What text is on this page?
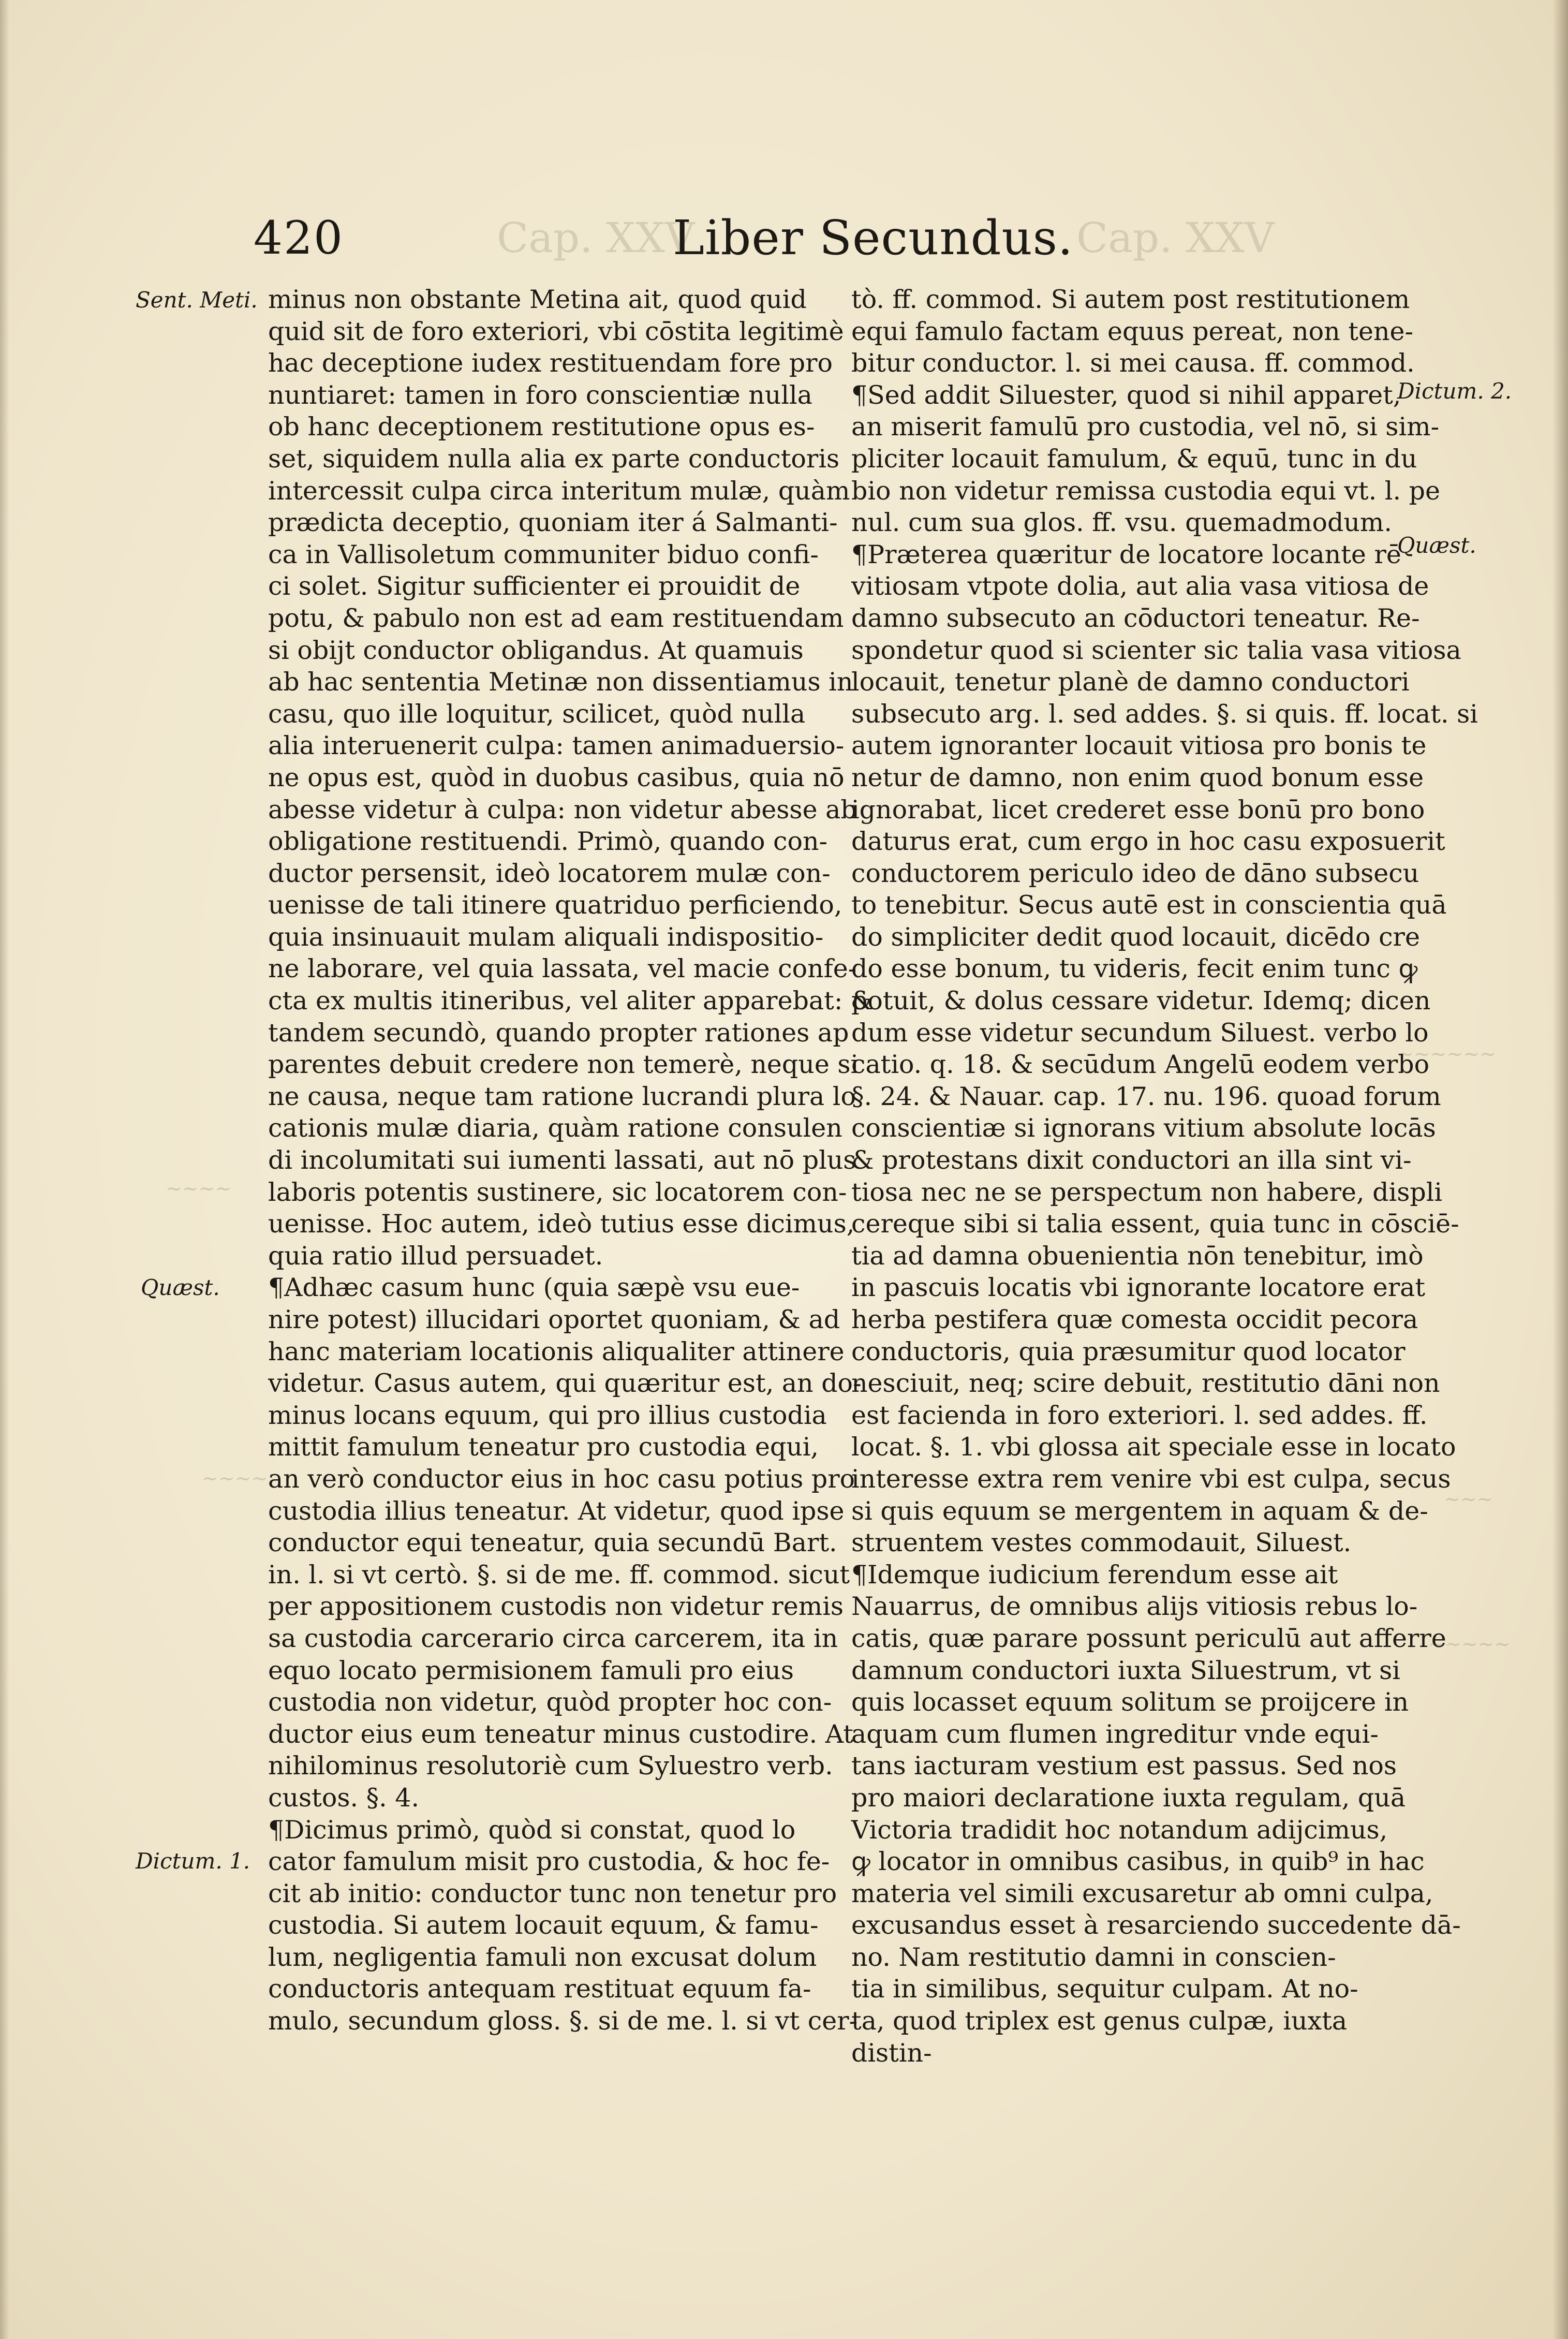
420	Cap. XXV
Liber Secundus. Cap. XXV
Sent. Meti.
Quæst.
Dictum. 1.
Dictum. 2.
Quæst.
~~~~~~
~~~
~~~~~
~~~~
~~~~
minus non obstante Metina ait, quod quid
quid sit de foro exteriori, vbi cōstita legitimè
hac deceptione iudex restituendam fore pro
nuntiaret: tamen in foro conscientiæ nulla
ob hanc deceptionem restitutione opus es-
set, siquidem nulla alia ex parte conductoris
intercessit culpa circa interitum mulæ, quàm
prædicta deceptio, quoniam iter á Salmanti-
ca in Vallisoletum communiter biduo confi-
ci solet. Sigitur sufficienter ei prouidit de
potu, & pabulo non est ad eam restituendam
si obijt conductor obligandus. At quamuis
ab hac sententia Metinæ non dissentiamus in
casu, quo ille loquitur, scilicet, quòd nulla
alia interuenerit culpa: tamen animaduersio-
ne opus est, quòd in duobus casibus, quia nō
abesse videtur à culpa: non videtur abesse ab
obligatione restituendi. Primò, quando con-
ductor persensit, ideò locatorem mulæ con-
uenisse de tali itinere quatriduo perficiendo,
quia insinuauit mulam aliquali indispositio-
ne laborare, vel quia lassata, vel macie confe-
cta ex multis itineribus, vel aliter apparebat: &
tandem secundò, quando propter rationes ap
parentes debuit credere non temerè, neque si
ne causa, neque tam ratione lucrandi plura lo
cationis mulæ diaria, quàm ratione consulen
di incolumitati sui iumenti lassati, aut nō plus
laboris potentis sustinere, sic locatorem con-
uenisse. Hoc autem, ideò tutius esse dicimus,
quia ratio illud persuadet.
¶Adhæc casum hunc (quia sæpè vsu eue-
nire potest) illucidari oportet quoniam, & ad
hanc materiam locationis aliqualiter attinere
videtur. Casus autem, qui quæritur est, an do-
minus locans equum, qui pro illius custodia
mittit famulum teneatur pro custodia equi,
an verò conductor eius in hoc casu potius pro
custodia illius teneatur. At videtur, quod ipse
conductor equi teneatur, quia secundū Bart.
in. l. si vt certò. §. si de me. ff. commod. sicut
per appositionem custodis non videtur remis
sa custodia carcerario circa carcerem, ita in
equo locato permisionem famuli pro eius
custodia non videtur, quòd propter hoc con-
ductor eius eum teneatur minus custodire. At
nihilominus resolutoriè cum Syluestro verb.
custos. §. 4.
¶Dicimus primò, quòd si constat, quod lo
cator famulum misit pro custodia, & hoc fe-
cit ab initio: conductor tunc non tenetur pro
custodia. Si autem locauit equum, & famu-
lum, negligentia famuli non excusat dolum
conductoris antequam restituat equum fa-
mulo, secundum gloss. §. si de me. l. si vt cer-
tò. ff. commod. Si autem post restitutionem
equi famulo factam equus pereat, non tene-
bitur conductor. l. si mei causa. ff. commod.
¶Sed addit Siluester, quod si nihil apparet,
an miserit famulū pro custodia, vel nō, si sim-
pliciter locauit famulum, & equū, tunc in du
bio non videtur remissa custodia equi vt. l. pe
nul. cum sua glos. ff. vsu. quemadmodum.
¶Præterea quæritur de locatore locante rē
vitiosam vtpote dolia, aut alia vasa vitiosa de
damno subsecuto an cōductori teneatur. Re-
spondetur quod si scienter sic talia vasa vitiosa
locauit, tenetur planè de damno conductori
subsecuto arg. l. sed addes. §. si quis. ff. locat. si
autem ignoranter locauit vitiosa pro bonis te
netur de damno, non enim quod bonum esse
ignorabat, licet crederet esse bonū pro bono
daturus erat, cum ergo in hoc casu exposuerit
conductorem periculo ideo de dāno subsecu
to tenebitur. Secus autē est in conscientia quā
do simpliciter dedit quod locauit, dicēdo cre
do esse bonum, tu videris, fecit enim tunc ꝙ
potuit, & dolus cessare videtur. Idemq; dicen
dum esse videtur secundum Siluest. verbo lo
catio. q. 18. & secūdum Angelū eodem verbo
§. 24. & Nauar. cap. 17. nu. 196. quoad forum
conscientiæ si ignorans vitium absolute locās
& protestans dixit conductori an illa sint vi-
tiosa nec ne se perspectum non habere, displi
cereque sibi si talia essent, quia tunc in cōsciē-
tia ad damna obuenientia nōn tenebitur, imò
in pascuis locatis vbi ignorante locatore erat
herba pestifera quæ comesta occidit pecora
conductoris, quia præsumitur quod locator
nesciuit, neq; scire debuit, restitutio dāni non
est facienda in foro exteriori. l. sed addes. ff.
locat. §. 1. vbi glossa ait speciale esse in locato
interesse extra rem venire vbi est culpa, secus
si quis equum se mergentem in aquam & de-
struentem vestes commodauit, Siluest.
¶Idemque iudicium ferendum esse ait
Nauarrus, de omnibus alijs vitiosis rebus lo-
catis, quæ parare possunt periculū aut afferre
damnum conductori iuxta Siluestrum, vt si
quis locasset equum solitum se proijcere in
aquam cum flumen ingreditur vnde equi-
tans iacturam vestium est passus. Sed nos
pro maiori declaratione iuxta regulam, quā
Victoria tradidit hoc notandum adijcimus,
ꝙ locator in omnibus casibus, in quib⁹ in hac
materia vel simili excusaretur ab omni culpa,
excusandus esset à resarciendo succedente dā-
no. Nam restitutio damni in conscien-
tia in similibus, sequitur culpam. At no-
ta, quod triplex est genus culpæ, iuxta
distin-
